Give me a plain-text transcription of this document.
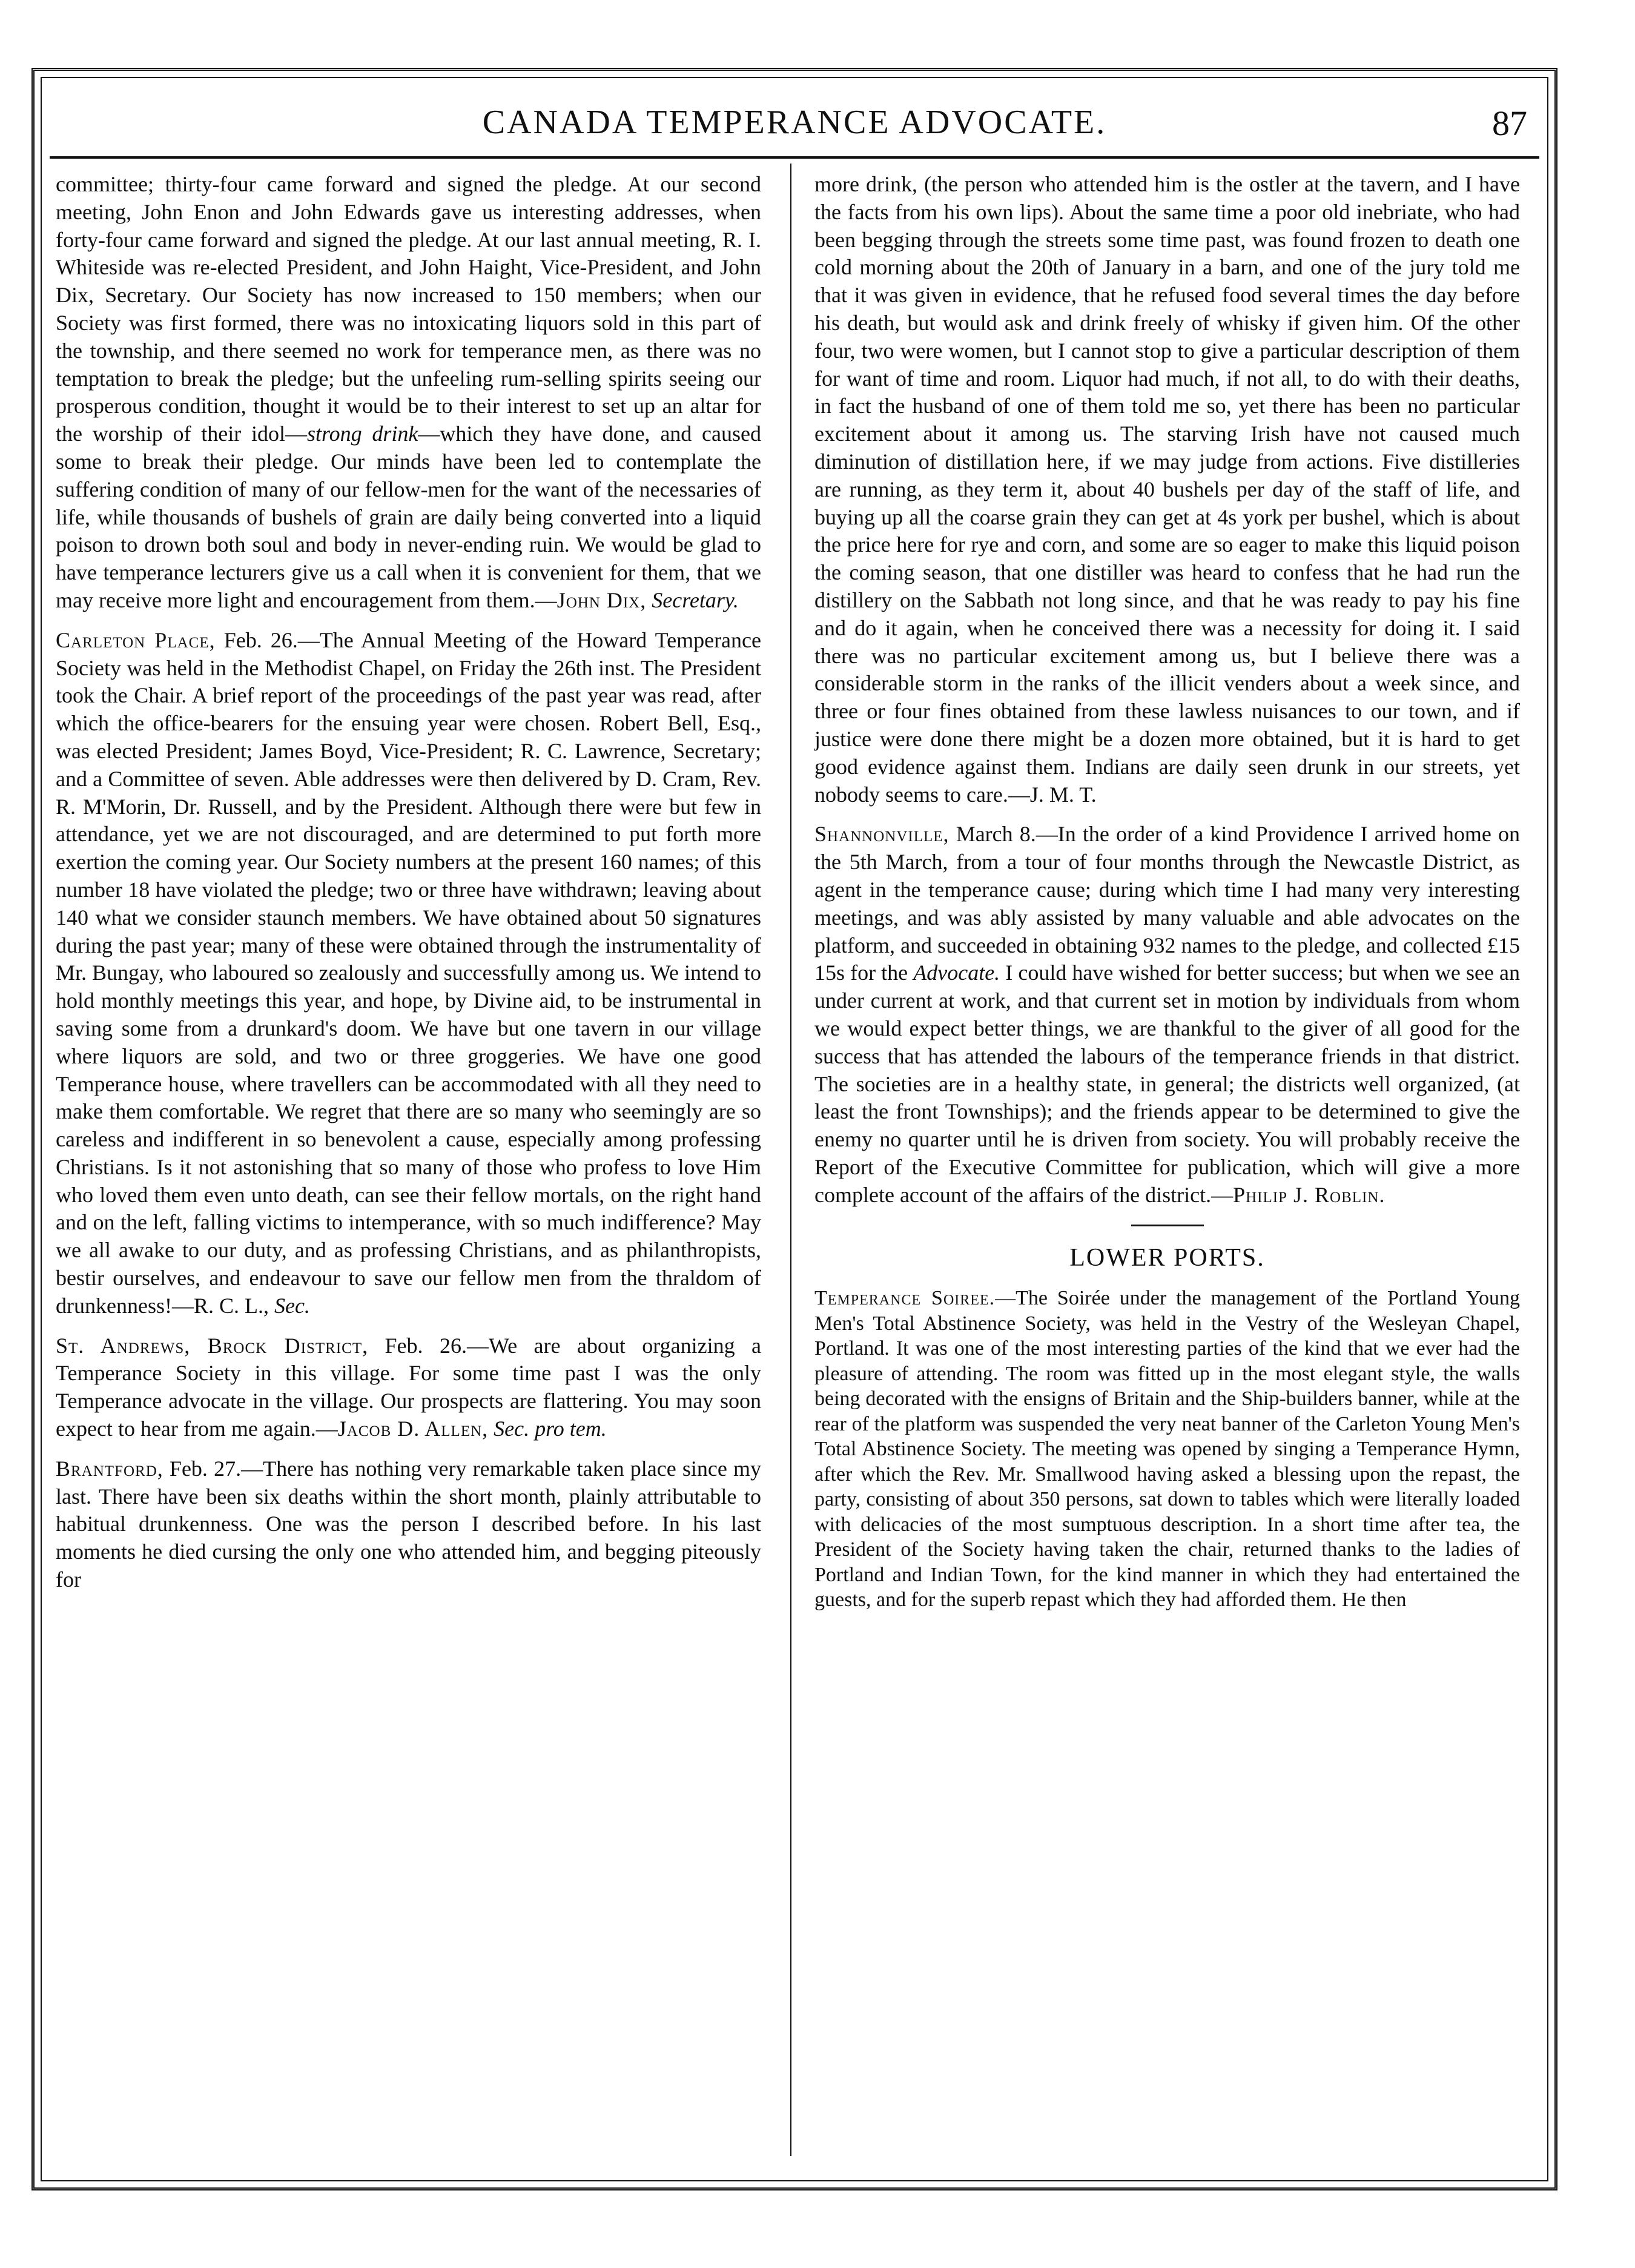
CANADA TEMPERANCE ADVOCATE.	87

committee; thirty-four came forward and signed the pledge. At our second meeting, John Enon and John Edwards gave us interesting addresses, when forty-four came forward and signed the pledge. At our last annual meeting, R. I. Whiteside was re-elected President, and John Haight, Vice-President, and John Dix, Secretary. Our Society has now increased to 150 members; when our Society was first formed, there was no intoxicating liquors sold in this part of the township, and there seemed no work for temperance men, as there was no temptation to break the pledge; but the unfeeling rum-selling spirits seeing our prosperous condition, thought it would be to their interest to set up an altar for the worship of their idol—strong drink—which they have done, and caused some to break their pledge. Our minds have been led to contemplate the suffering condition of many of our fellow-men for the want of the necessaries of life, while thousands of bushels of grain are daily being converted into a liquid poison to drown both soul and body in never-ending ruin. We would be glad to have temperance lecturers give us a call when it is convenient for them, that we may receive more light and encouragement from them.—John Dix, Secretary.

Carleton Place, Feb. 26.—The Annual Meeting of the Howard Temperance Society was held in the Methodist Chapel, on Friday the 26th inst. The President took the Chair. A brief report of the proceedings of the past year was read, after which the office-bearers for the ensuing year were chosen. Robert Bell, Esq., was elected President; James Boyd, Vice-President; R. C. Lawrence, Secretary; and a Committee of seven. Able addresses were then delivered by D. Cram, Rev. R. M'Morin, Dr. Russell, and by the President. Although there were but few in attendance, yet we are not discouraged, and are determined to put forth more exertion the coming year. Our Society numbers at the present 160 names; of this number 18 have violated the pledge; two or three have withdrawn; leaving about 140 what we consider staunch members. We have obtained about 50 signatures during the past year; many of these were obtained through the instrumentality of Mr. Bungay, who laboured so zealously and successfully among us. We intend to hold monthly meetings this year, and hope, by Divine aid, to be instrumental in saving some from a drunkard's doom. We have but one tavern in our village where liquors are sold, and two or three groggeries. We have one good Temperance house, where travellers can be accommodated with all they need to make them comfortable. We regret that there are so many who seemingly are so careless and indifferent in so benevolent a cause, especially among professing Christians. Is it not astonishing that so many of those who profess to love Him who loved them even unto death, can see their fellow mortals, on the right hand and on the left, falling victims to intemperance, with so much indifference? May we all awake to our duty, and as professing Christians, and as philanthropists, bestir ourselves, and endeavour to save our fellow men from the thraldom of drunkenness!—R. C. L., Sec.

St. Andrews, Brock District, Feb. 26.—We are about organizing a Temperance Society in this village. For some time past I was the only Temperance advocate in the village. Our prospects are flattering. You may soon expect to hear from me again.—Jacob D. Allen, Sec. pro tem.

Brantford, Feb. 27.—There has nothing very remarkable taken place since my last. There have been six deaths within the short month, plainly attributable to habitual drunkenness. One was the person I described before. In his last moments he died cursing the only one who attended him, and begging piteously for

more drink, (the person who attended him is the ostler at the tavern, and I have the facts from his own lips). About the same time a poor old inebriate, who had been begging through the streets some time past, was found frozen to death one cold morning about the 20th of January in a barn, and one of the jury told me that it was given in evidence, that he refused food several times the day before his death, but would ask and drink freely of whisky if given him. Of the other four, two were women, but I cannot stop to give a particular description of them for want of time and room. Liquor had much, if not all, to do with their deaths, in fact the husband of one of them told me so, yet there has been no particular excitement about it among us. The starving Irish have not caused much diminution of distillation here, if we may judge from actions. Five distilleries are running, as they term it, about 40 bushels per day of the staff of life, and buying up all the coarse grain they can get at 4s york per bushel, which is about the price here for rye and corn, and some are so eager to make this liquid poison the coming season, that one distiller was heard to confess that he had run the distillery on the Sabbath not long since, and that he was ready to pay his fine and do it again, when he conceived there was a necessity for doing it. I said there was no particular excitement among us, but I believe there was a considerable storm in the ranks of the illicit venders about a week since, and three or four fines obtained from these lawless nuisances to our town, and if justice were done there might be a dozen more obtained, but it is hard to get good evidence against them. Indians are daily seen drunk in our streets, yet nobody seems to care.—J. M. T.

Shannonville, March 8.—In the order of a kind Providence I arrived home on the 5th March, from a tour of four months through the Newcastle District, as agent in the temperance cause; during which time I had many very interesting meetings, and was ably assisted by many valuable and able advocates on the platform, and succeeded in obtaining 932 names to the pledge, and collected £15 15s for the Advocate. I could have wished for better success; but when we see an under current at work, and that current set in motion by individuals from whom we would expect better things, we are thankful to the giver of all good for the success that has attended the labours of the temperance friends in that district. The societies are in a healthy state, in general; the districts well organized, (at least the front Townships); and the friends appear to be determined to give the enemy no quarter until he is driven from society. You will probably receive the Report of the Executive Committee for publication, which will give a more complete account of the affairs of the district.—Philip J. Roblin.

LOWER PORTS.

Temperance Soiree.—The Soirée under the management of the Portland Young Men's Total Abstinence Society, was held in the Vestry of the Wesleyan Chapel, Portland. It was one of the most interesting parties of the kind that we ever had the pleasure of attending. The room was fitted up in the most elegant style, the walls being decorated with the ensigns of Britain and the Ship-builders banner, while at the rear of the platform was suspended the very neat banner of the Carleton Young Men's Total Abstinence Society. The meeting was opened by singing a Temperance Hymn, after which the Rev. Mr. Smallwood having asked a blessing upon the repast, the party, consisting of about 350 persons, sat down to tables which were literally loaded with delicacies of the most sumptuous description. In a short time after tea, the President of the Society having taken the chair, returned thanks to the ladies of Portland and Indian Town, for the kind manner in which they had entertained the guests, and for the superb repast which they had afforded them. He then
